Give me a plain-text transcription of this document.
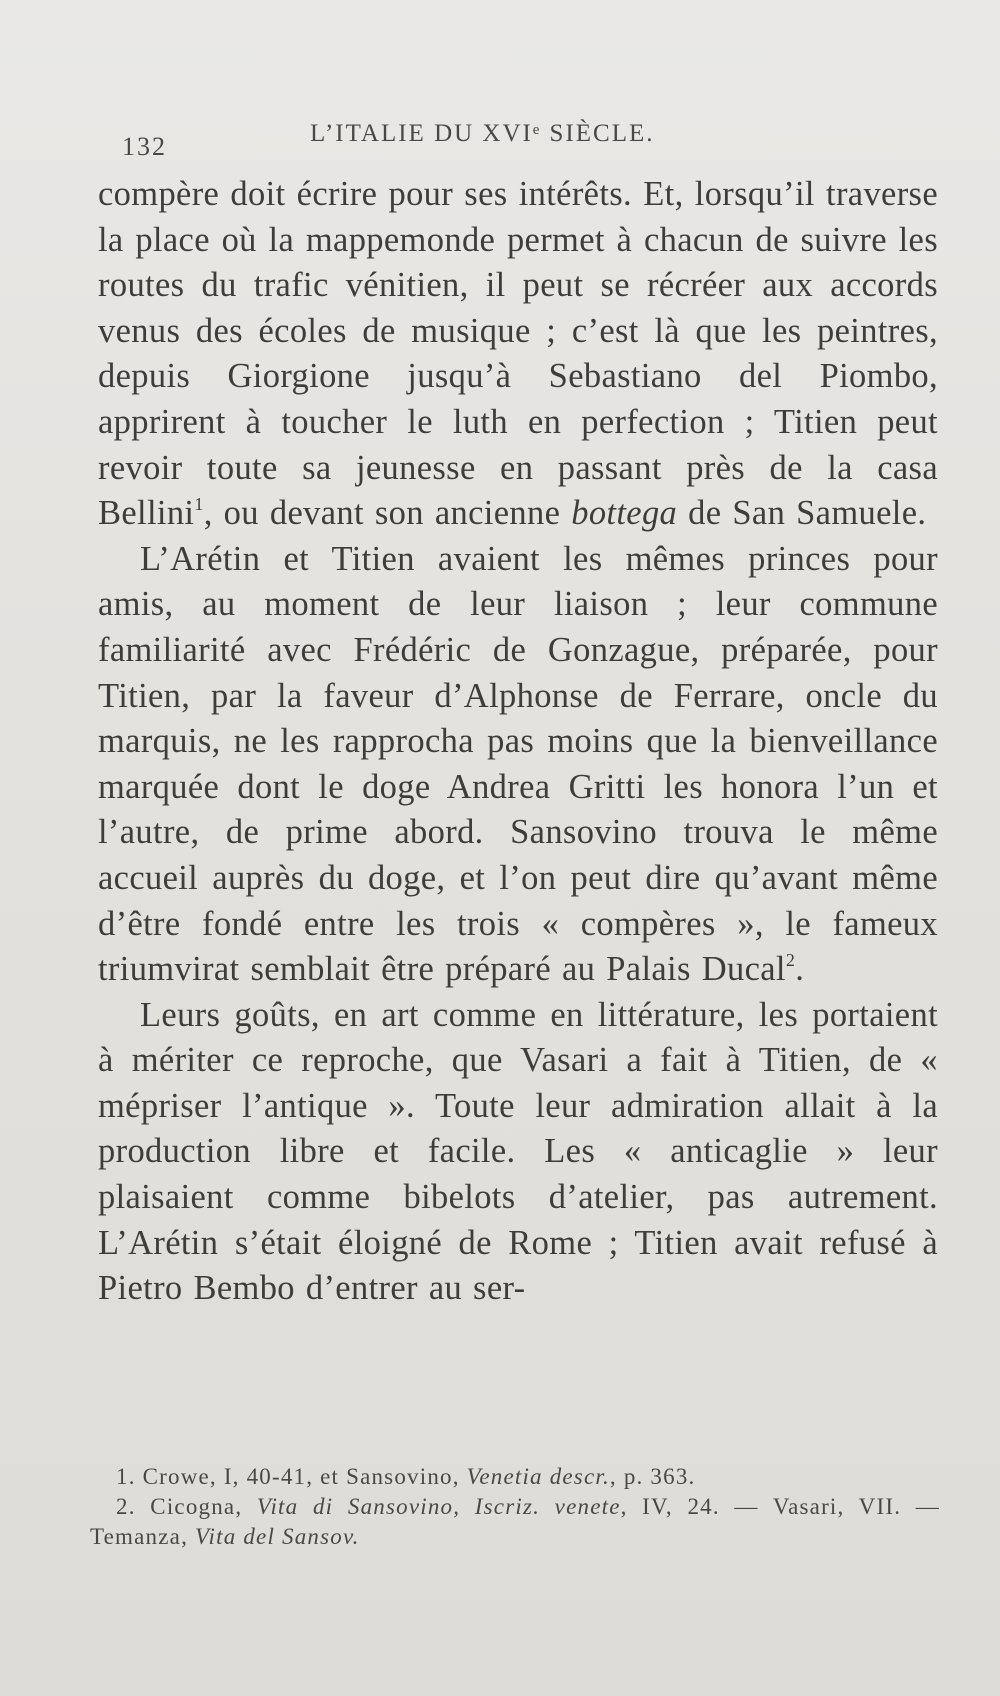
132	L’ITALIE DU XVIᵉ SIÈCLE.

compère doit écrire pour ses intérêts. Et, lorsqu’il traverse la place où la mappemonde permet à chacun de suivre les routes du trafic vénitien, il peut se récréer aux accords venus des écoles de musique ; c’est là que les peintres, depuis Giorgione jusqu’à Sebastiano del Piombo, apprirent à toucher le luth en perfection ; Titien peut revoir toute sa jeunesse en passant près de la casa Bellini$^1$, ou devant son ancienne bottega de San Samuele.

L’Arétin et Titien avaient les mêmes princes pour amis, au moment de leur liaison ; leur commune familiarité avec Frédéric de Gonzague, préparée, pour Titien, par la faveur d’Alphonse de Ferrare, oncle du marquis, ne les rapprocha pas moins que la bienveillance marquée dont le doge Andrea Gritti les honora l’un et l’autre, de prime abord. Sansovino trouva le même accueil auprès du doge, et l’on peut dire qu’avant même d’être fondé entre les trois « compères », le fameux triumvirat semblait être préparé au Palais Ducal$^2$.

Leurs goûts, en art comme en littérature, les portaient à mériter ce reproche, que Vasari a fait à Titien, de « mépriser l’antique ». Toute leur admiration allait à la production libre et facile. Les « anticaglie » leur plaisaient comme bibelots d’atelier, pas autrement. L’Arétin s’était éloigné de Rome ; Titien avait refusé à Pietro Bembo d’entrer au ser-

1. Crowe, I, 40-41, et Sansovino, Venetia descr., p. 363.

2. Cicogna, Vita di Sansovino, Iscriz. venete, IV, 24. — Vasari, VII. — Temanza, Vita del Sansov.
